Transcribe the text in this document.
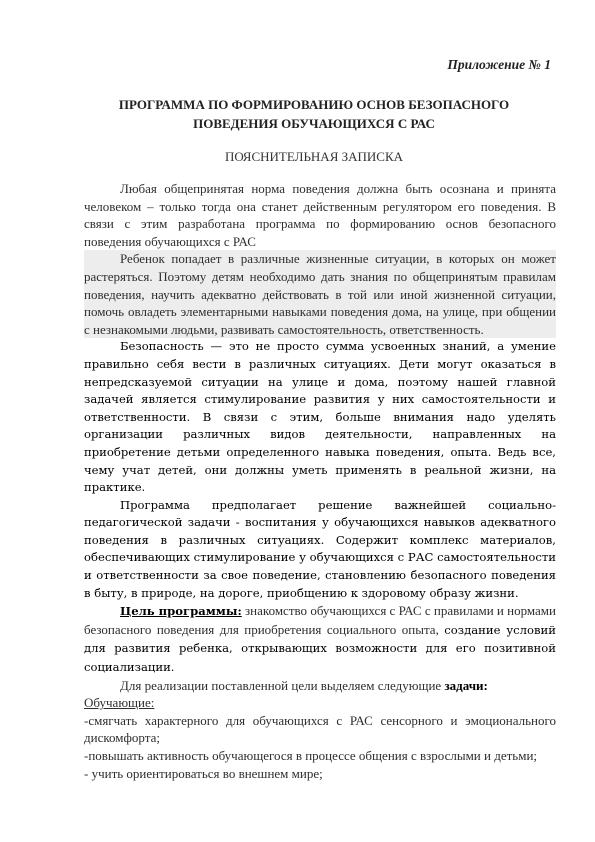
Приложение № 1
ПРОГРАММА ПО ФОРМИРОВАНИЮ ОСНОВ БЕЗОПАСНОГО
ПОВЕДЕНИЯ ОБУЧАЮЩИХСЯ С РАС
ПОЯСНИТЕЛЬНАЯ ЗАПИСКА

Любая общепринятая норма поведения должна быть осознана и принята человеком – только тогда она станет действенным регулятором его поведения. В связи с этим разработана программа по формированию основ безопасного поведения обучающихся с РАС

Ребенок попадает в различные жизненные ситуации, в которых он может растеряться. Поэтому детям необходимо дать знания по общепринятым правилам поведения, научить адекватно действовать в той или иной жизненной ситуации, помочь овладеть элементарными навыками поведения дома, на улице, при общении с незнакомыми людьми, развивать самостоятельность, ответственность.

Безопасность — это не просто сумма усвоенных знаний, а умение правильно себя вести в различных ситуациях. Дети могут оказаться в непредсказуемой ситуации на улице и дома, поэтому нашей главной задачей является стимулирование развития у них самостоятельности и ответственности. В связи с этим, больше внимания надо уделять организации различных видов деятельности, направленных на приобретение детьми определенного навыка поведения, опыта. Ведь все, чему учат детей, они должны уметь применять в реальной жизни, на практике.

Программа предполагает решение важнейшей социально-педагогической задачи - воспитания у обучающихся навыков адекватного поведения в различных ситуациях. Содержит комплекс материалов, обеспечивающих стимулирование у обучающихся с РАС самостоятельности и ответственности за свое поведение, становлению безопасного поведения в быту, в природе, на дороге, приобщению к здоровому образу жизни.

Цель программы: знакомство обучающихся с РАС с правилами и нормами безопасного поведения для приобретения социального опыта, создание условий для развития ребенка, открывающих возможности для его позитивной социализации.

Для реализации поставленной цели выделяем следующие задачи:

Обучающие:

-смягчать характерного для обучающихся с РАС сенсорного и эмоционального дискомфорта;

-повышать активность обучающегося в процессе общения с взрослыми и детьми;

- учить ориентироваться во внешнем мире;
